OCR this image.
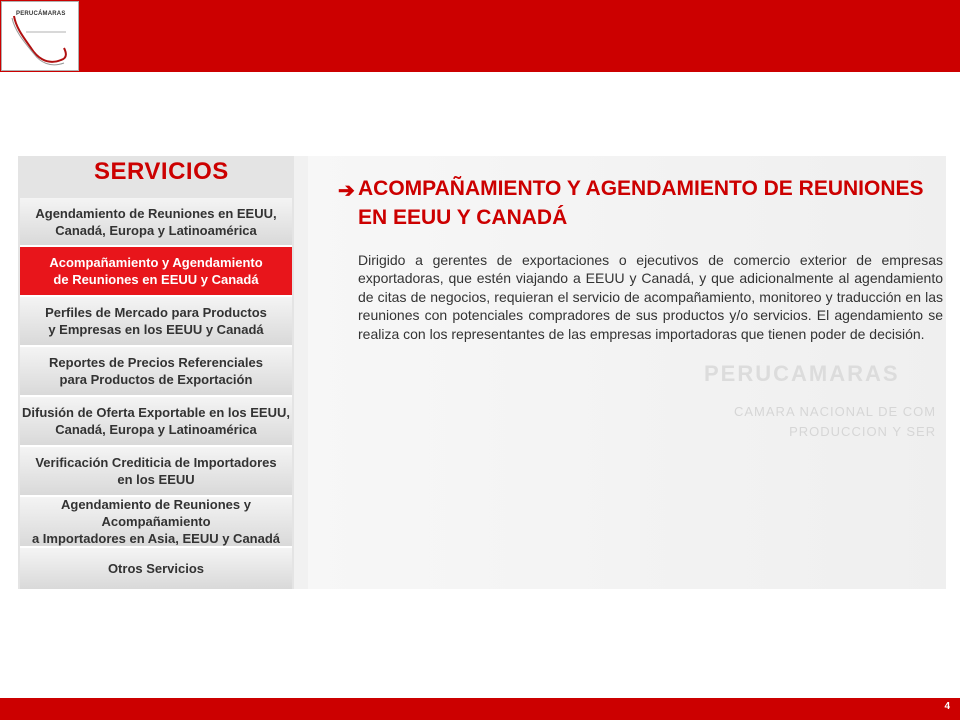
PERUCÁMARAS
SERVICIOS
Agendamiento de Reuniones en EEUU,
Canadá, Europa y Latinoamérica
Acompañamiento y Agendamiento
de Reuniones en EEUU y Canadá
Perfiles de Mercado para Productos
y Empresas en los EEUU y Canadá
Reportes de Precios Referenciales
para Productos de Exportación
Difusión de Oferta Exportable en los EEUU,
Canadá, Europa y Latinoamérica
Verificación Crediticia de Importadores
en los EEUU
Agendamiento de Reuniones y Acompañamiento
a Importadores en Asia, EEUU y Canadá
Otros Servicios
PERUCAMARAS
CAMARA NACIONAL DE COM
PRODUCCION Y SER
➔ ACOMPAÑAMIENTO Y AGENDAMIENTO DE REUNIONES
EN EEUU Y CANADÁ
Dirigido a gerentes de exportaciones o ejecutivos de comercio exterior de empresas exportadoras, que estén viajando a EEUU y Canadá, y que adicionalmente al agendamiento de citas de negocios, requieran el servicio de acompañamiento, monitoreo y traducción en las reuniones con potenciales compradores de sus productos y/o servicios. El agendamiento se realiza con los representantes de las empresas importadoras que tienen poder de decisión.
4
